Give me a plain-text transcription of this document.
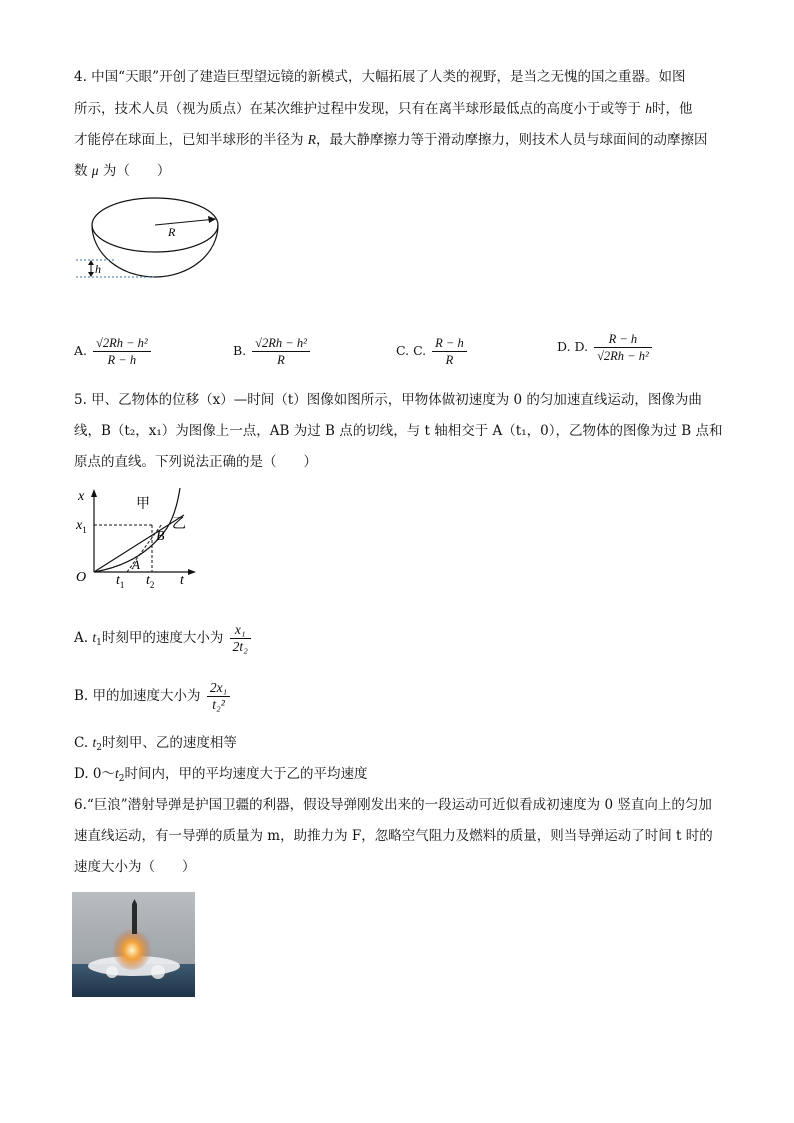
4. 中国“天眼”开创了建造巨型望远镜的新模式，大幅拓展了人类的视野，是当之无愧的国之重器。如图
所示，技术人员（视为质点）在某次维护过程中发现，只有在离半球形最低点的高度小于或等于 h时，他
才能停在球面上，已知半球形的半径为 R，最大静摩擦力等于滑动摩擦力，则技术人员与球面间的动摩擦因
数 μ 为（　　）
R
h
A. $\frac{\text{√2Rh − h²}}{R - h}$	B. $\frac{\text{√2Rh − h²}}{R}$	C. C. $\frac{R - h}{R}$	D. D. $\frac{R - h}{\text{√2Rh − h²}}$
5. 甲、乙物体的位移（x）—时间（t）图像如图所示，甲物体做初速度为 0 的匀加速直线运动，图像为曲
线，B（t₂，x₁）为图像上一点，AB 为过 B 点的切线，与 t 轴相交于 A（t₁，0），乙物体的图像为过 B 点和
原点的直线。下列说法正确的是（　　）
x
t
O
$x_1$
$t_1$ $t_2$
甲
乙
B
A
A. $t_1$时刻甲的速度大小为 $\frac{\text{x₁}}{\text{2t₂}}$
B. 甲的加速度大小为 $\frac{\text{2x₁}}{\text{t₂²}}$
C. $t_2$时刻甲、乙的速度相等
D. $0\sim t_2$时间内，甲的平均速度大于乙的平均速度
6.“巨浪”潜射导弹是护国卫疆的利器，假设导弹刚发出来的一段运动可近似看成初速度为 0 竖直向上的匀加
速直线运动，有一导弹的质量为 m，助推力为 F，忽略空气阻力及燃料的质量，则当导弹运动了时间 t 时的
速度大小为（　　）
